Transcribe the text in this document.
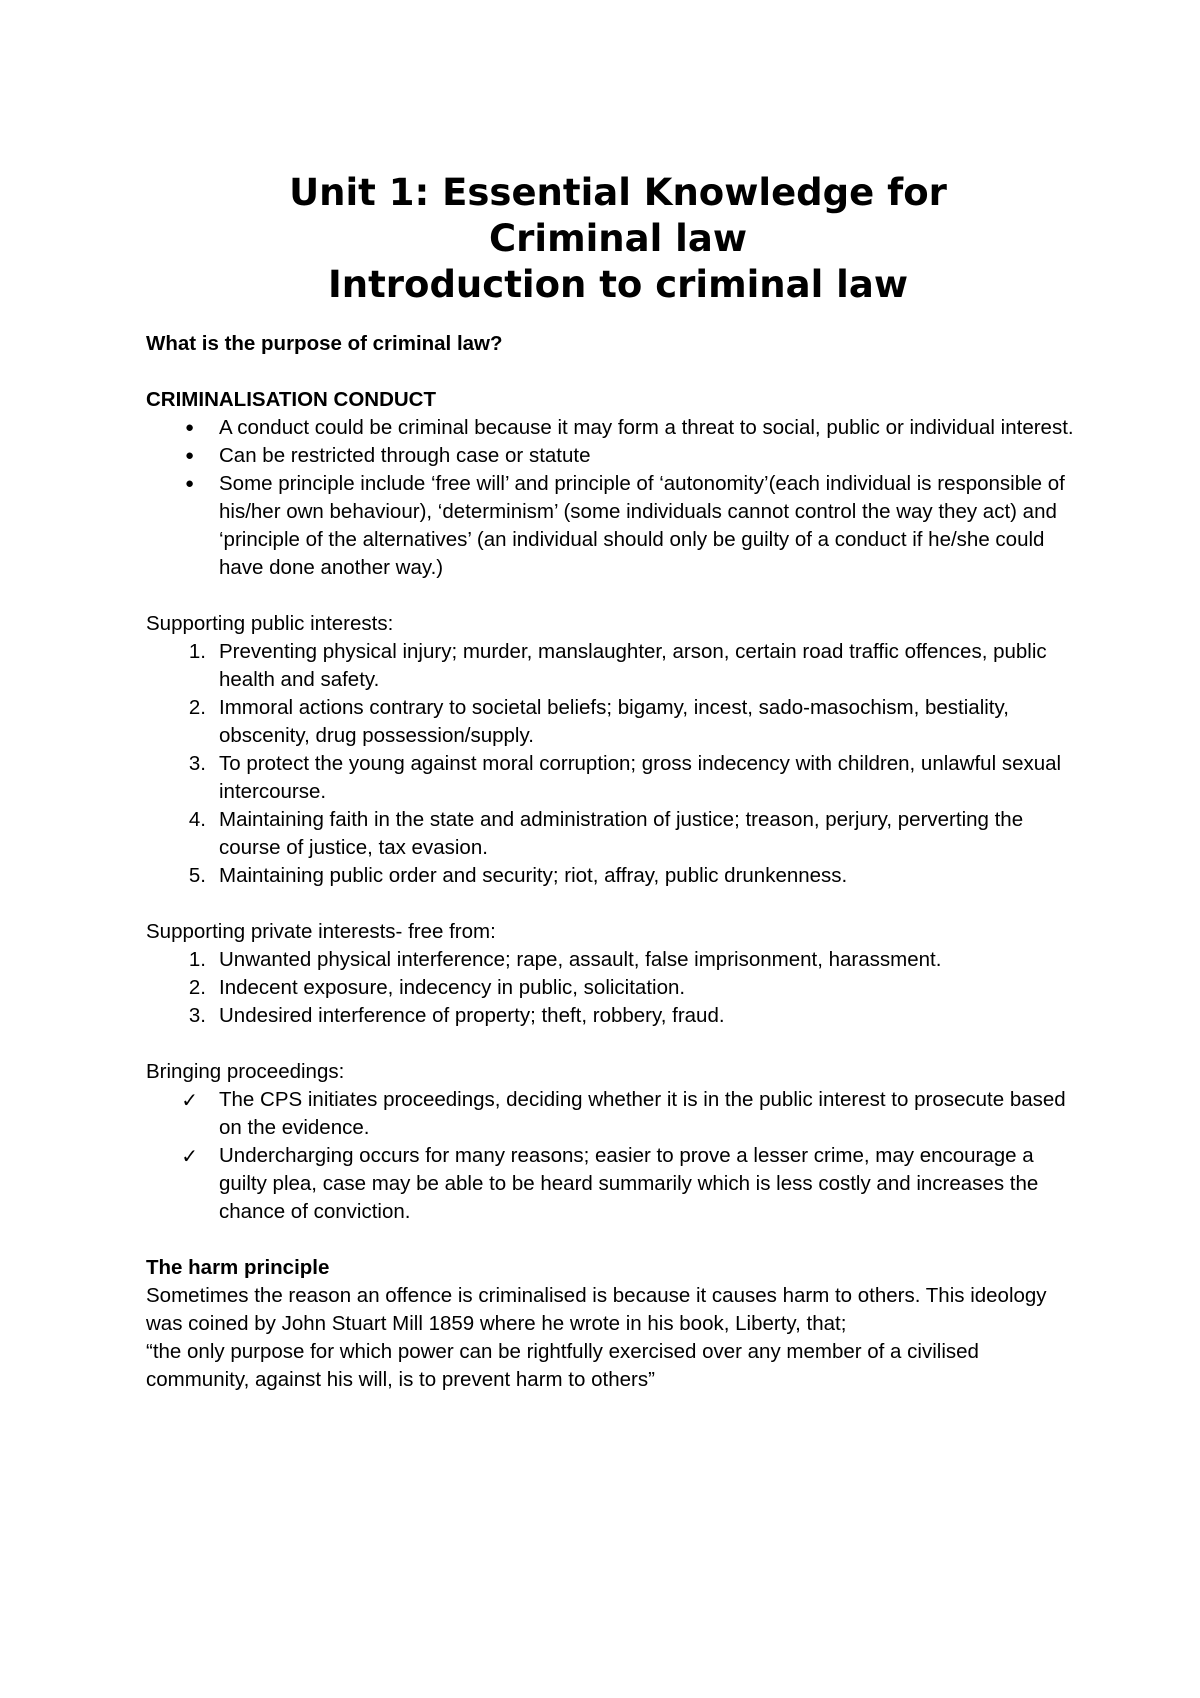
Unit 1: Essential Knowledge for
Criminal law
Introduction to criminal law

What is the purpose of criminal law?

CRIMINALISATION CONDUCT

● A conduct could be criminal because it may form a threat to social, public or individual interest.
● Can be restricted through case or statute
● Some principle include ‘free will’ and principle of ‘autonomity’(each individual is responsible of his/her own behaviour), ‘determinism’ (some individuals cannot control the way they act) and ‘principle of the alternatives’ (an individual should only be guilty of a conduct if he/she could have done another way.)

Supporting public interests:

1. Preventing physical injury; murder, manslaughter, arson, certain road traffic offences, public health and safety.
2. Immoral actions contrary to societal beliefs; bigamy, incest, sado-masochism, bestiality, obscenity, drug possession/supply.
3. To protect the young against moral corruption; gross indecency with children, unlawful sexual intercourse.
4. Maintaining faith in the state and administration of justice; treason, perjury, perverting the course of justice, tax evasion.
5. Maintaining public order and security; riot, affray, public drunkenness.

Supporting private interests- free from:

1. Unwanted physical interference; rape, assault, false imprisonment, harassment.
2. Indecent exposure, indecency in public, solicitation.
3. Undesired interference of property; theft, robbery, fraud.

Bringing proceedings:

✓ The CPS initiates proceedings, deciding whether it is in the public interest to prosecute based on the evidence.
✓ Undercharging occurs for many reasons; easier to prove a lesser crime, may encourage a guilty plea, case may be able to be heard summarily which is less costly and increases the chance of conviction.

The harm principle

Sometimes the reason an offence is criminalised is because it causes harm to others. This ideology was coined by John Stuart Mill 1859 where he wrote in his book, Liberty, that;

“the only purpose for which power can be rightfully exercised over any member of a civilised community, against his will, is to prevent harm to others”
